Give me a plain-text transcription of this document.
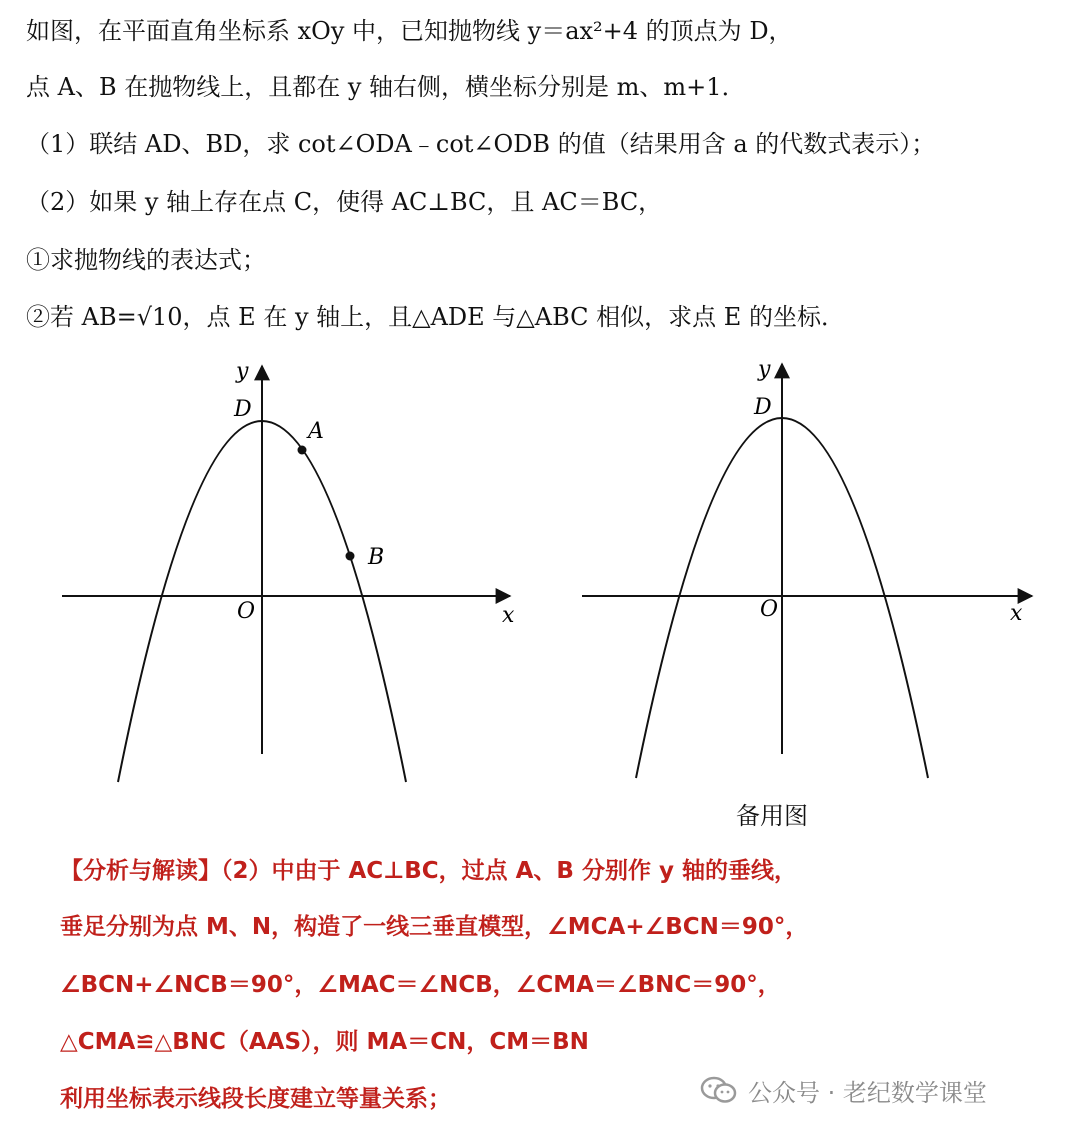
如图，在平面直角坐标系 xOy 中，已知抛物线 y＝ax²+4 的顶点为 D，
点 A、B 在抛物线上，且都在 y 轴右侧，横坐标分别是 m、m+1．
（1）联结 AD、BD，求 cot∠ODA﹣cot∠ODB 的值（结果用含 a 的代数式表示）；
（2）如果 y 轴上存在点 C，使得 AC⊥BC，且 AC＝BC，
①求抛物线的表达式；
②若 AB=√10，点 E 在 y 轴上，且△ADE 与△ABC 相似，求点 E 的坐标．
y
x
O
D
A
B
y
x
O
D
备用图
【分析与解读】（2）中由于 AC⊥BC，过点 A、B 分别作 y 轴的垂线，
垂足分别为点 M、N，构造了一线三垂直模型，∠MCA+∠BCN＝90°，
∠BCN+∠NCB＝90°，∠MAC＝∠NCB，∠CMA＝∠BNC＝90°，
△CMA≌△BNC（AAS），则 MA＝CN，CM＝BN
利用坐标表示线段长度建立等量关系；	公众号 · 老纪数学课堂
